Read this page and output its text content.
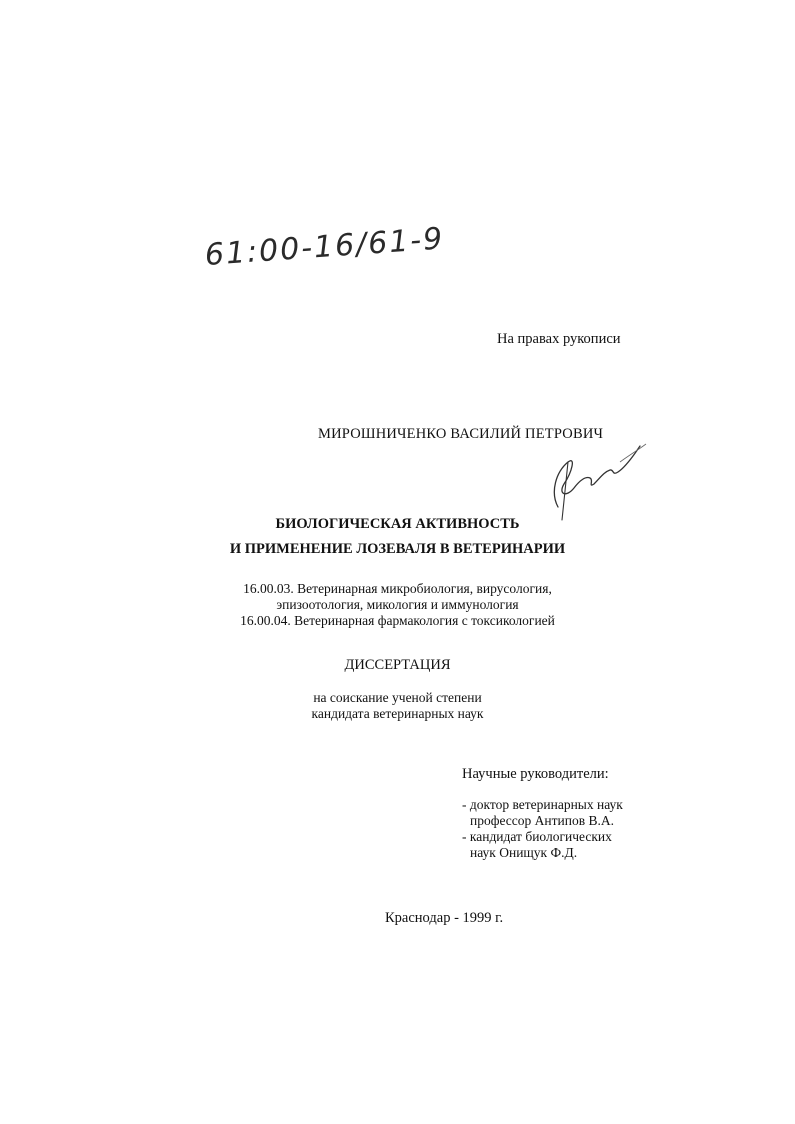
61:00-16/61-9
На правах рукописи
МИРОШНИЧЕНКО ВАСИЛИЙ ПЕТРОВИЧ
БИОЛОГИЧЕСКАЯ АКТИВНОСТЬ
И ПРИМЕНЕНИЕ ЛОЗЕВАЛЯ В ВЕТЕРИНАРИИ
16.00.03. Ветеринарная микробиология, вирусология,
эпизоотология, микология и иммунология
16.00.04. Ветеринарная фармакология с токсикологией
ДИССЕРТАЦИЯ
на соискание ученой степени
кандидата ветеринарных наук
Научные руководители:
- доктор ветеринарных наук
профессор Антипов В.А.
- кандидат биологических
наук Онищук Ф.Д.
Краснодар - 1999 г.
